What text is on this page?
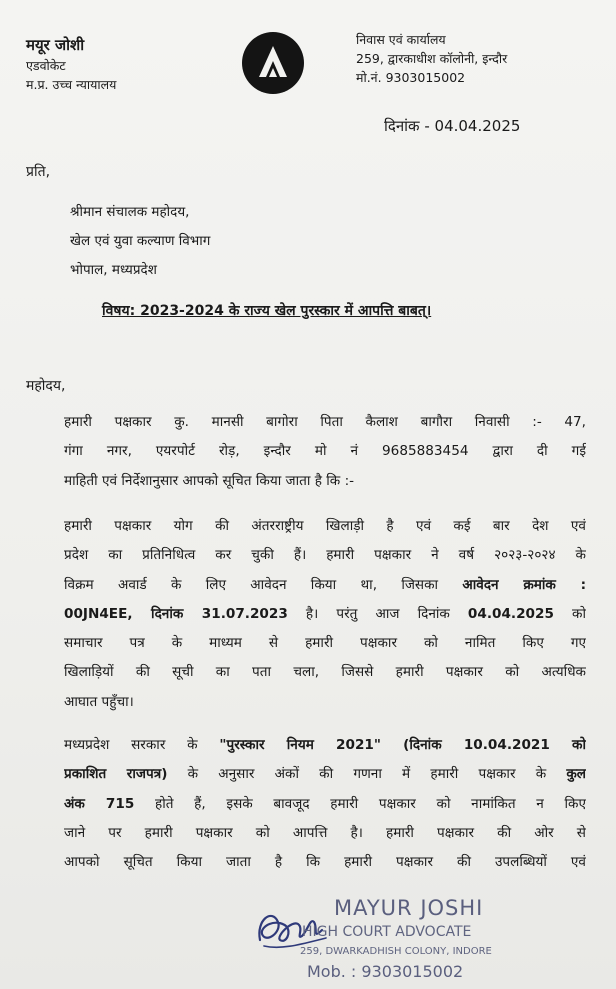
मयूर जोशी
एडवोकेट
म.प्र. उच्च न्यायालय
निवास एवं कार्यालय
259, द्वारकाधीश कॉलोनी, इन्दौर
मो.नं. 9303015002
दिनांक - 04.04.2025
प्रति,
श्रीमान संचालक महोदय,
खेल एवं युवा कल्याण विभाग
भोपाल, मध्यप्रदेश
विषय: 2023-2024 के राज्य खेल पुरस्कार में आपत्ति बाबत्।
महोदय,
हमारी पक्षकार कु. मानसी बागोरा पिता कैलाश बागौरा निवासी :- 47,
गंगा नगर, एयरपोर्ट रोड़, इन्दौर मो नं 9685883454 द्वारा दी गई
माहिती एवं निर्देशानुसार आपको सूचित किया जाता है कि :-
हमारी पक्षकार योग की अंतरराष्ट्रीय खिलाड़ी है एवं कई बार देश एवं
प्रदेश का प्रतिनिधित्व कर चुकी हैं। हमारी पक्षकार ने वर्ष २०२३-२०२४ के
विक्रम अवार्ड के लिए आवेदन किया था, जिसका आवेदन क्रमांक :
00JN4EE, दिनांक 31.07.2023 है। परंतु आज दिनांक 04.04.2025 को
समाचार पत्र के माध्यम से हमारी पक्षकार को नामित किए गए
खिलाड़ियों की सूची का पता चला, जिससे हमारी पक्षकार को अत्यधिक
आघात पहुँचा।
मध्यप्रदेश सरकार के "पुरस्कार नियम 2021" (दिनांक 10.04.2021 को
प्रकाशित राजपत्र) के अनुसार अंकों की गणना में हमारी पक्षकार के कुल
अंक 715 होते हैं, इसके बावजूद हमारी पक्षकार को नामांकित न किए
जाने पर हमारी पक्षकार को आपत्ति है। हमारी पक्षकार की ओर से
आपको सूचित किया जाता है कि हमारी पक्षकार की उपलब्धियों एवं
MAYUR JOSHI
HIGH COURT ADVOCATE
259, DWARKADHISH COLONY, INDORE
Mob. : 9303015002
